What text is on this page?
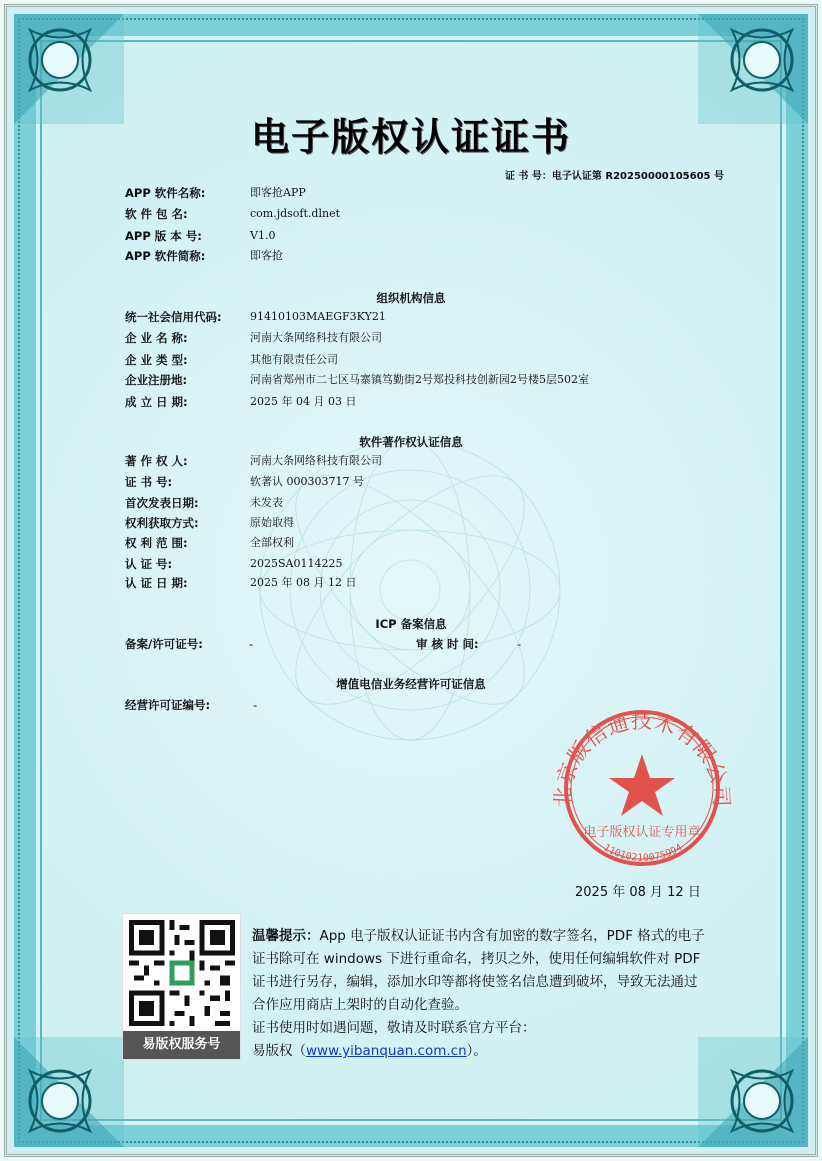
电子版权认证证书
证 书 号：电子认证第 R20250000105605 号
APP 软件名称:	即客抢APP
软 件 包 名:	com.jdsoft.dlnet
APP 版 本 号:	V1.0
APP 软件简称:	即客抢
组织机构信息
统一社会信用代码:	91410103MAEGF3KY21
企 业 名 称:	河南大条网络科技有限公司
企 业 类 型:	其他有限责任公司
企业注册地:	河南省郑州市二七区马寨镇笃勤街2号郑投科技创新园2号楼5层502室
成 立 日 期:	2025 年 04 月 03 日
软件著作权认证信息
著 作 权 人:	河南大条网络科技有限公司
证 书 号:	软著认 000303717 号
首次发表日期:	未发表
权利获取方式:	原始取得
权 利 范 围:	全部权利
认 证 号:	2025SA0114225
认 证 日 期:	2025 年 08 月 12 日
ICP 备案信息
备案/许可证号:	-	审 核 时 间:	-
增值电信业务经营许可证信息
经营许可证编号:	-
北京版信通技术有限公司
电子版权认证专用章
1101021007599​4
2025 年 08 月 12 日
易版权服务号
温馨提示：App 电子版权认证证书内含有加密的数字签名，PDF 格式的电子证书除可在 windows 下进行重命名，拷贝之外，使用任何编辑软件对 PDF 证书进行另存，编辑，添加水印等都将使签名信息遭到破坏，导致无法通过合作应用商店上架时的自动化查验。
证书使用时如遇问题，敬请及时联系官方平台：
易版权（www.yibanquan.com.cn）。
